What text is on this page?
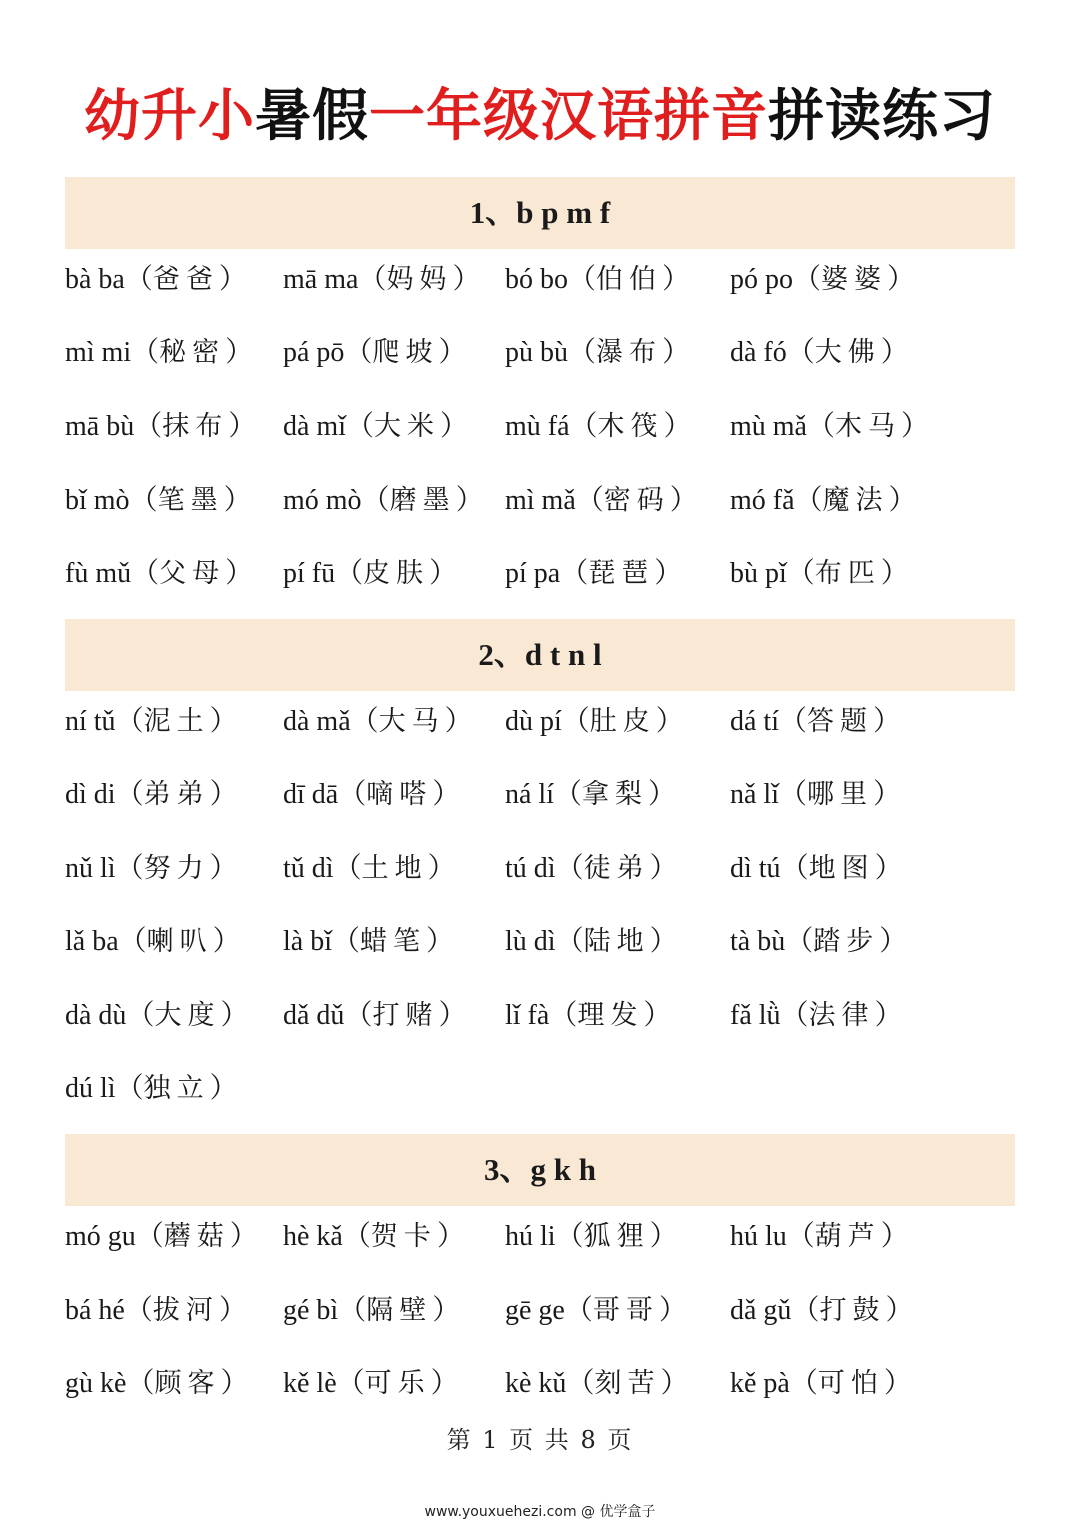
幼升小暑假一年级汉语拼音拼读练习
1、b p m f
bà ba（爸爸） mā ma（妈妈） bó bo（伯伯） pó po（婆婆）
mì mi（秘密） pá pō（爬坡） pù bù（瀑布） dà fó（大佛）
mā bù（抹布） dà mǐ（大米） mù fá（木筏） mù mǎ（木马）
bǐ mò（笔墨） mó mò（磨墨） mì mǎ（密码） mó fǎ（魔法）
fù mǔ（父母） pí fū（皮肤） pí pa（琵琶） bù pǐ（布匹）
2、d t n l
ní tǔ（泥土） dà mǎ（大马） dù pí（肚皮） dá tí（答题）
dì di（弟弟） dī dā（嘀嗒） ná lí（拿梨） nǎ lǐ（哪里）
nǔ lì（努力） tǔ dì（土地） tú dì（徒弟） dì tú（地图）
lǎ ba（喇叭） là bǐ（蜡笔） lù dì（陆地） tà bù（踏步）
dà dù（大度） dǎ dǔ（打赌） lǐ fà（理发） fǎ lǜ（法律）
dú lì（独立）
3、g k h
mó gu（蘑菇） hè kǎ（贺卡） hú li（狐狸） hú lu（葫芦）
bá hé（拔河） gé bì（隔壁） gē ge（哥哥） dǎ gǔ（打鼓）
gù kè（顾客） kě lè（可乐） kè kǔ（刻苦） kě pà（可怕）
第 1 页 共 8 页
www.youxuehezi.com @ 优学盒子
